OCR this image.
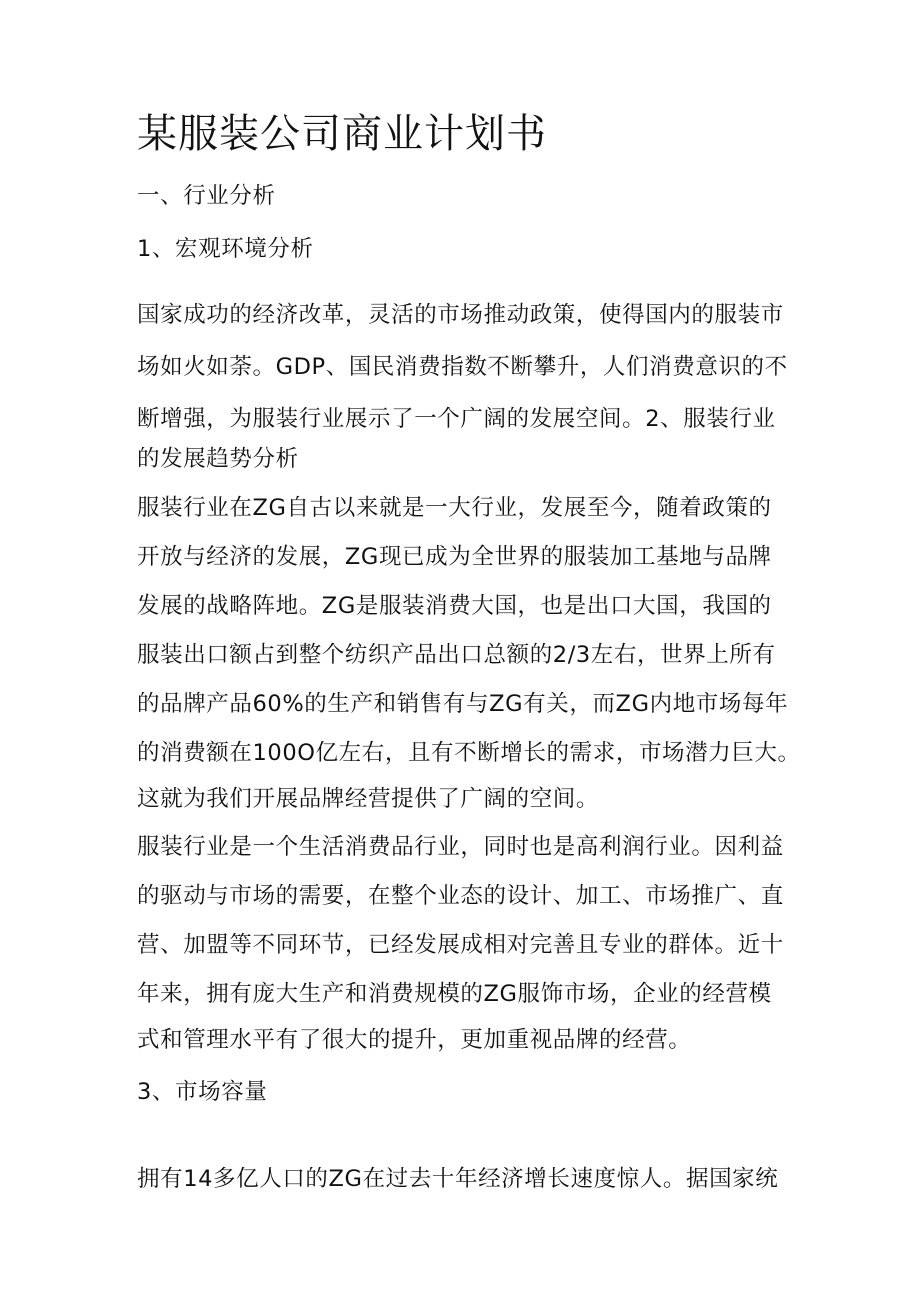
某服装公司商业计划书

一、行业分析

1、宏观环境分析

国家成功的经济改革，灵活的市场推动政策，使得国内的服装市

场如火如荼。GDP、国民消费指数不断攀升，人们消费意识的不

断增强，为服装行业展示了一个广阔的发展空间。2、服装行业

的发展趋势分析

服装行业在ZG自古以来就是一大行业，发展至今，随着政策的

开放与经济的发展，ZG现已成为全世界的服装加工基地与品牌

发展的战略阵地。ZG是服装消费大国，也是出口大国，我国的

服装出口额占到整个纺织产品出口总额的2/3左右，世界上所有

的品牌产品60%的生产和销售有与ZG有关，而ZG内地市场每年

的消费额在100O亿左右，且有不断增长的需求，市场潜力巨大。

这就为我们开展品牌经营提供了广阔的空间。

服装行业是一个生活消费品行业，同时也是高利润行业。因利益

的驱动与市场的需要，在整个业态的设计、加工、市场推广、直

营、加盟等不同环节，已经发展成相对完善且专业的群体。近十

年来，拥有庞大生产和消费规模的ZG服饰市场，企业的经营模

式和管理水平有了很大的提升，更加重视品牌的经营。

3、市场容量

拥有14多亿人口的ZG在过去十年经济增长速度惊人。据国家统
